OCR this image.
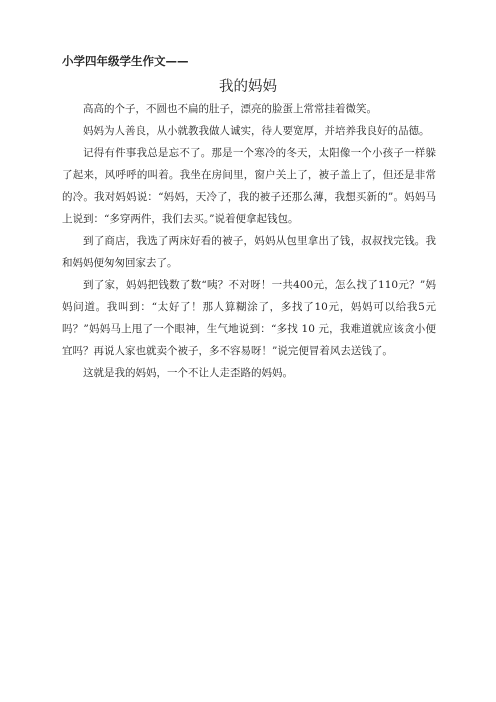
小学四年级学生作文——
我的妈妈

高高的个子，不圆也不扁的肚子，漂亮的脸蛋上常常挂着微笑。

妈妈为人善良，从小就教我做人诚实，待人要宽厚，并培养我良好的品德。

记得有件事我总是忘不了。那是一个寒冷的冬天，太阳像一个小孩子一样躲了起来，风呼呼的叫着。我坐在房间里，窗户关上了，被子盖上了，但还是非常的冷。我对妈妈说：“妈妈，天冷了，我的被子还那么薄，我想买新的”。妈妈马上说到：“多穿两件，我们去买。”说着便拿起钱包。

到了商店，我选了两床好看的被子，妈妈从包里拿出了钱，叔叔找完钱。我和妈妈便匆匆回家去了。

到了家，妈妈把钱数了数“咦？不对呀！一共400元，怎么找了110元？”妈妈问道。我叫到：“太好了！那人算糊涂了，多找了10元，妈妈可以给我5元吗？”妈妈马上甩了一个眼神，生气地说到：“多找 10 元，我难道就应该贪小便宜吗？再说人家也就卖个被子，多不容易呀！”说完便冒着风去送钱了。

这就是我的妈妈，一个不让人走歪路的妈妈。
